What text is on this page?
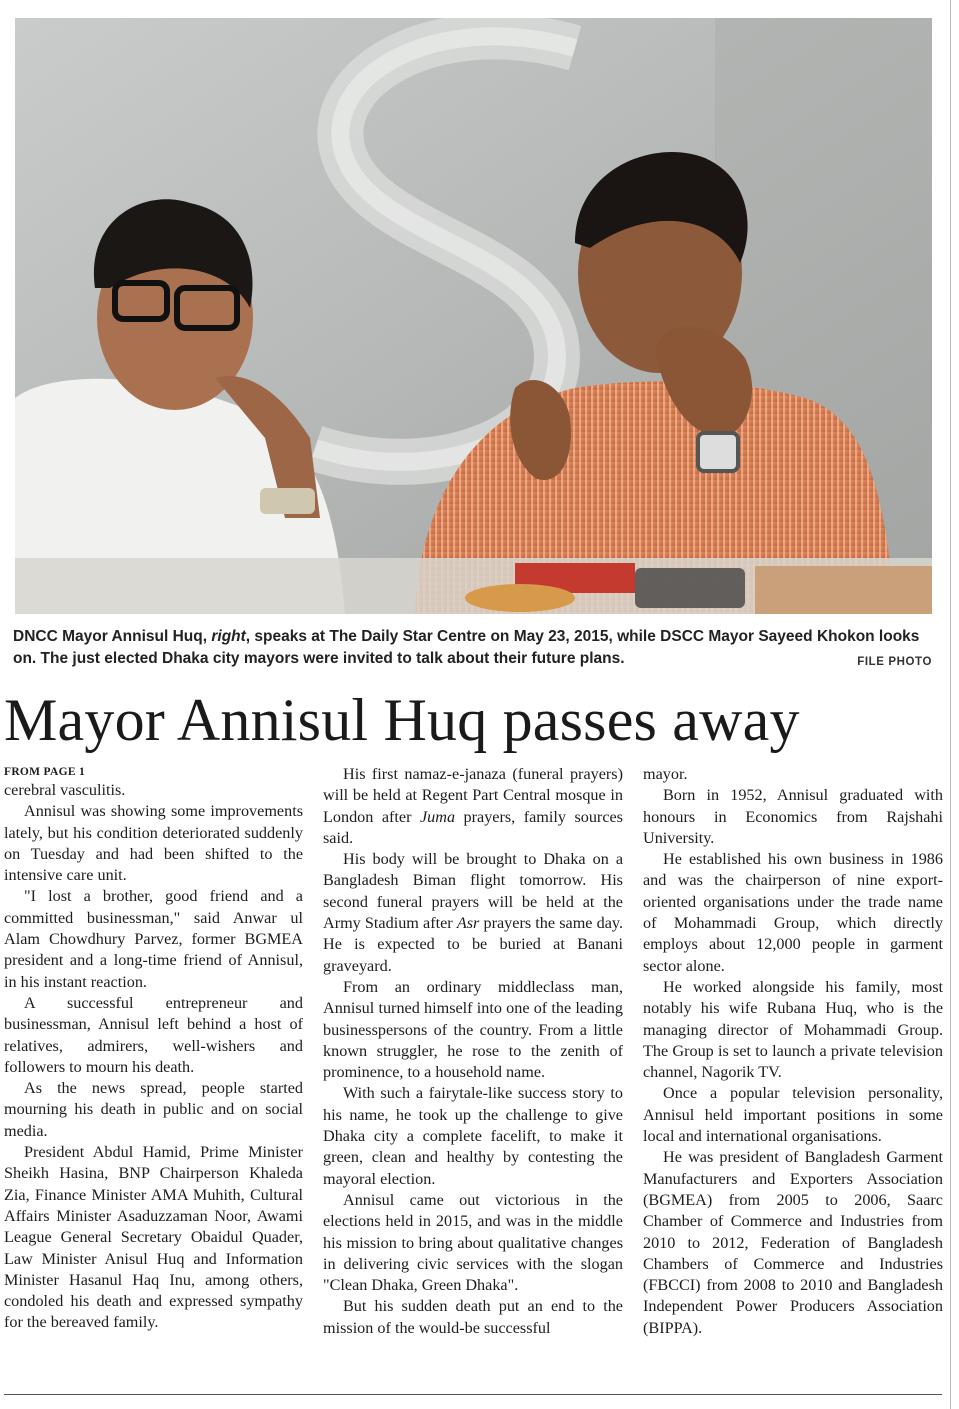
DNCC Mayor Annisul Huq, right, speaks at The Daily Star Centre on May 23, 2015, while DSCC Mayor Sayeed Khokon looks on. The just elected Dhaka city mayors were invited to talk about their future plans.	FILE PHOTO
Mayor Annisul Huq passes away

FROM PAGE 1

cerebral vasculitis.

Annisul was showing some improvements lately, but his condition deteriorated suddenly on Tuesday and had been shifted to the intensive care unit.

"I lost a brother, good friend and a committed businessman," said Anwar ul Alam Chowdhury Parvez, former BGMEA president and a long-time friend of Annisul, in his instant reaction.

A successful entrepreneur and businessman, Annisul left behind a host of relatives, admirers, well-wishers and followers to mourn his death.

As the news spread, people started mourning his death in public and on social media.

President Abdul Hamid, Prime Minister Sheikh Hasina, BNP Chairperson Khaleda Zia, Finance Minister AMA Muhith, Cultural Affairs Minister Asaduzzaman Noor, Awami League General Secretary Obaidul Quader, Law Minister Anisul Huq and Information Minister Hasanul Haq Inu, among others, condoled his death and expressed sympathy for the bereaved family.

His first namaz-e-janaza (funeral prayers) will be held at Regent Part Central mosque in London after Juma prayers, family sources said.

His body will be brought to Dhaka on a Bangladesh Biman flight tomorrow. His second funeral prayers will be held at the Army Stadium after Asr prayers the same day. He is expected to be buried at Banani graveyard.

From an ordinary middleclass man, Annisul turned himself into one of the leading businesspersons of the country. From a little known struggler, he rose to the zenith of prominence, to a household name.

With such a fairytale-like success story to his name, he took up the challenge to give Dhaka city a complete facelift, to make it green, clean and healthy by contesting the mayoral election.

Annisul came out victorious in the elections held in 2015, and was in the middle his mission to bring about qualitative changes in delivering civic services with the slogan "Clean Dhaka, Green Dhaka".

But his sudden death put an end to the mission of the would-be successful

mayor.

Born in 1952, Annisul graduated with honours in Economics from Rajshahi University.

He established his own business in 1986 and was the chairperson of nine export-oriented organisations under the trade name of Mohammadi Group, which directly employs about 12,000 people in garment sector alone.

He worked alongside his family, most notably his wife Rubana Huq, who is the managing director of Mohammadi Group. The Group is set to launch a private television channel, Nagorik TV.

Once a popular television personality, Annisul held important positions in some local and international organisations.

He was president of Bangladesh Garment Manufacturers and Exporters Association (BGMEA) from 2005 to 2006, Saarc Chamber of Commerce and Industries from 2010 to 2012, Federation of Bangladesh Chambers of Commerce and Industries (FBCCI) from 2008 to 2010 and Bangladesh Independent Power Producers Association (BIPPA).
